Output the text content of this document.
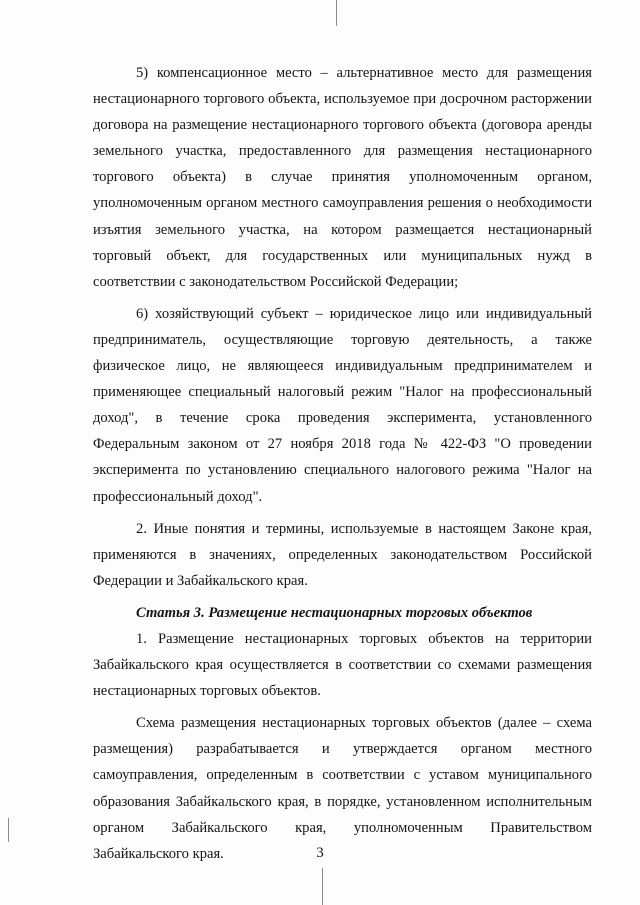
5) компенсационное место – альтернативное место для размещения нестационарного торгового объекта, используемое при досрочном расторжении договора на размещение нестационарного торгового объекта (договора аренды земельного участка, предоставленного для размещения нестационарного торгового объекта) в случае принятия уполномоченным органом, уполномоченным органом местного самоуправления решения о необходимости изъятия земельного участка, на котором размещается нестационарный торговый объект, для государственных или муниципальных нужд в соответствии с законодательством Российской Федерации;

6) хозяйствующий субъект – юридическое лицо или индивидуальный предприниматель, осуществляющие торговую деятельность, а также физическое лицо, не являющееся индивидуальным предпринимателем и применяющее специальный налоговый режим "Налог на профессиональный доход", в течение срока проведения эксперимента, установленного Федеральным законом от 27 ноября 2018 года № 422-ФЗ "О проведении эксперимента по установлению специального налогового режима "Налог на профессиональный доход".

2. Иные понятия и термины, используемые в настоящем Законе края, применяются в значениях, определенных законодательством Российской Федерации и Забайкальского края.

Статья 3. Размещение нестационарных торговых объектов

1. Размещение нестационарных торговых объектов на территории Забайкальского края осуществляется в соответствии со схемами размещения нестационарных торговых объектов.

Схема размещения нестационарных торговых объектов (далее – схема размещения) разрабатывается и утверждается органом местного самоуправления, определенным в соответствии с уставом муниципального образования Забайкальского края, в порядке, установленном исполнительным органом Забайкальского края, уполномоченным Правительством Забайкальского края.	3
